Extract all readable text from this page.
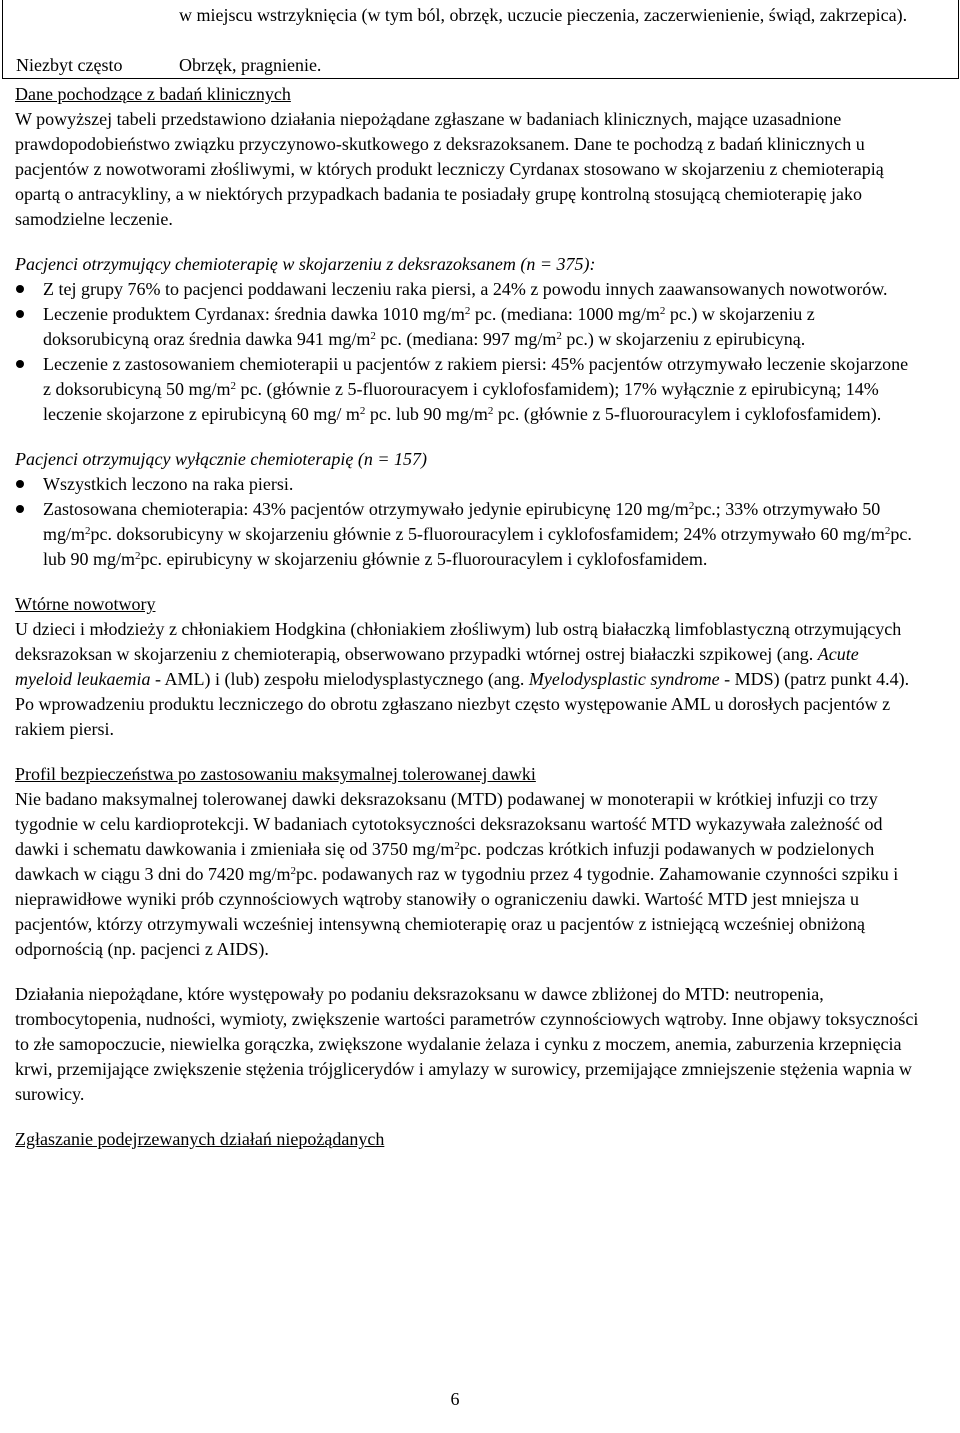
w miejscu wstrzyknięcia (w tym ból, obrzęk, uczucie pieczenia, zaczerwienienie, świąd, zakrzepica).
Niezbyt często	Obrzęk, pragnienie.

Dane pochodzące z badań klinicznych

W powyższej tabeli przedstawiono działania niepożądane zgłaszane w badaniach klinicznych, mające uzasadnione prawdopodobieństwo związku przyczynowo-skutkowego z deksrazoksanem. Dane te pochodzą z badań klinicznych u pacjentów z nowotworami złośliwymi, w których produkt leczniczy Cyrdanax stosowano w skojarzeniu z chemioterapią opartą o antracykliny, a w niektórych przypadkach badania te posiadały grupę kontrolną stosującą chemioterapię jako samodzielne leczenie.

Pacjenci otrzymujący chemioterapię w skojarzeniu z deksrazoksanem (n = 375):

Z tej grupy 76% to pacjenci poddawani leczeniu raka piersi, a 24% z powodu innych zaawansowanych nowotworów.
Leczenie produktem Cyrdanax: średnia dawka 1010 $mg/m^2$ pc. (mediana: 1000 $mg/m^2$ pc.) w skojarzeniu z doksorubicyną oraz średnia dawka 941 $mg/m^2$ pc. (mediana: 997 $mg/m^2$ pc.) w skojarzeniu z epirubicyną.
Leczenie z zastosowaniem chemioterapii u pacjentów z rakiem piersi: 45% pacjentów otrzymywało leczenie skojarzone z doksorubicyną 50 $mg/m^2$ pc. (głównie z 5-fluorouracyem i cyklofosfamidem); 17% wyłącznie z epirubicyną; 14% leczenie skojarzone z epirubicyną 60 mg/ $m^2$ pc. lub 90 $mg/m^2$ pc. (głównie z 5-fluorouracylem i cyklofosfamidem).

Pacjenci otrzymujący wyłącznie chemioterapię (n = 157)

Wszystkich leczono na raka piersi.
Zastosowana chemioterapia: 43% pacjentów otrzymywało jedynie epirubicynę 120 $mg/m^2pc$.; 33% otrzymywało 50 $mg/m^2pc$. doksorubicyny w skojarzeniu głównie z 5-fluorouracylem i cyklofosfamidem; 24% otrzymywało 60 $mg/m^2pc$. lub 90 $mg/m^2pc$. epirubicyny w skojarzeniu głównie z 5-fluorouracylem i cyklofosfamidem.

Wtórne nowotwory

U dzieci i młodzieży z chłoniakiem Hodgkina (chłoniakiem złośliwym) lub ostrą białaczką limfoblastyczną otrzymujących deksrazoksan w skojarzeniu z chemioterapią, obserwowano przypadki wtórnej ostrej białaczki szpikowej (ang. Acute myeloid leukaemia - AML) i (lub) zespołu mielodysplastycznego (ang. Myelodysplastic syndrome - MDS) (patrz punkt 4.4). Po wprowadzeniu produktu leczniczego do obrotu zgłaszano niezbyt często występowanie AML u dorosłych pacjentów z rakiem piersi.

Profil bezpieczeństwa po zastosowaniu maksymalnej tolerowanej dawki

Nie badano maksymalnej tolerowanej dawki deksrazoksanu (MTD) podawanej w monoterapii w krótkiej infuzji co trzy tygodnie w celu kardioprotekcji. W badaniach cytotoksyczności deksrazoksanu wartość MTD wykazywała zależność od dawki i schematu dawkowania i zmieniała się od 3750 $mg/m^2pc$. podczas krótkich infuzji podawanych w podzielonych dawkach w ciągu 3 dni do 7420 $mg/m^2pc$. podawanych raz w tygodniu przez 4 tygodnie. Zahamowanie czynności szpiku i nieprawidłowe wyniki prób czynnościowych wątroby stanowiły o ograniczeniu dawki. Wartość MTD jest mniejsza u pacjentów, którzy otrzymywali wcześniej intensywną chemioterapię oraz u pacjentów z istniejącą wcześniej obniżoną odpornością (np. pacjenci z AIDS).

Działania niepożądane, które występowały po podaniu deksrazoksanu w dawce zbliżonej do MTD: neutropenia, trombocytopenia, nudności, wymioty, zwiększenie wartości parametrów czynnościowych wątroby. Inne objawy toksyczności to złe samopoczucie, niewielka gorączka, zwiększone wydalanie żelaza i cynku z moczem, anemia, zaburzenia krzepnięcia krwi, przemijające zwiększenie stężenia trójglicerydów i amylazy w surowicy, przemijające zmniejszenie stężenia wapnia w surowicy.

Zgłaszanie podejrzewanych działań niepożądanych

6
